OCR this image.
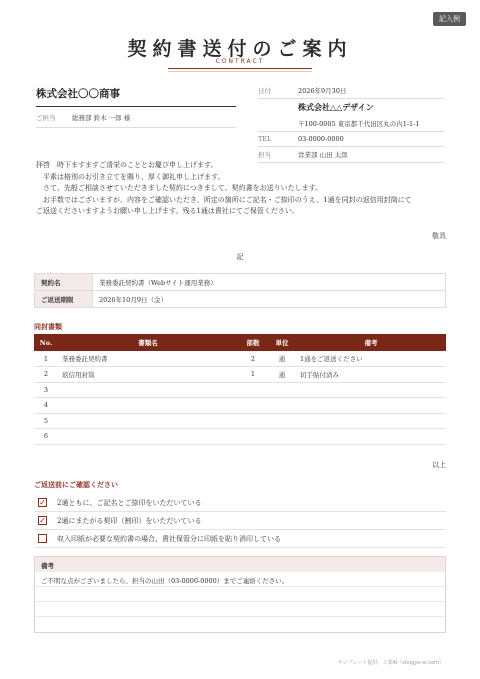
記入例
契約書送付のご案内
CONTRACT
株式会社〇〇商事
ご担当	総務部 鈴木 一郎 様
日付	2026年9月30日
株式会社△△デザイン
〒100-0005 東京都千代田区丸の内1-1-1
TEL	03-0000-0000
担当	営業部 山田 太郎

拝啓　時下ますますご清栄のこととお慶び申し上げます。

平素は格別のお引き立てを賜り、厚く御礼申し上げます。

さて、先般ご相談させていただきました契約につきまして、契約書をお送りいたします。

お手数ではございますが、内容をご確認いただき、所定の箇所にご記名・ご捺印のうえ、1通を同封の返信用封筒にて

ご返送くださいますようお願い申し上げます。残る1通は貴社にてご保管ください。

敬具
記
契約名	業務委託契約書（Webサイト運用業務）
ご返送期限	2026年10月9日（金）
同封書類
No.	書類名	部数	単位	備考
1	業務委託契約書	2	通	1通をご返送ください
2	返信用封筒	1	通	切手貼付済み
3				
4				
5				
6				
以上
ご返送前にご確認ください
✓ 2通ともに、ご記名とご捺印をいただいている
✓ 2通にまたがる契印（割印）をいただいている
収入印紙が必要な契約書の場合、貴社保管分に印紙を貼り消印している
備考
ご不明な点がございましたら、担当の山田（03-0000-0000）までご連絡ください。
テンプレート提供：工業AI（shogyo-ai.com）
